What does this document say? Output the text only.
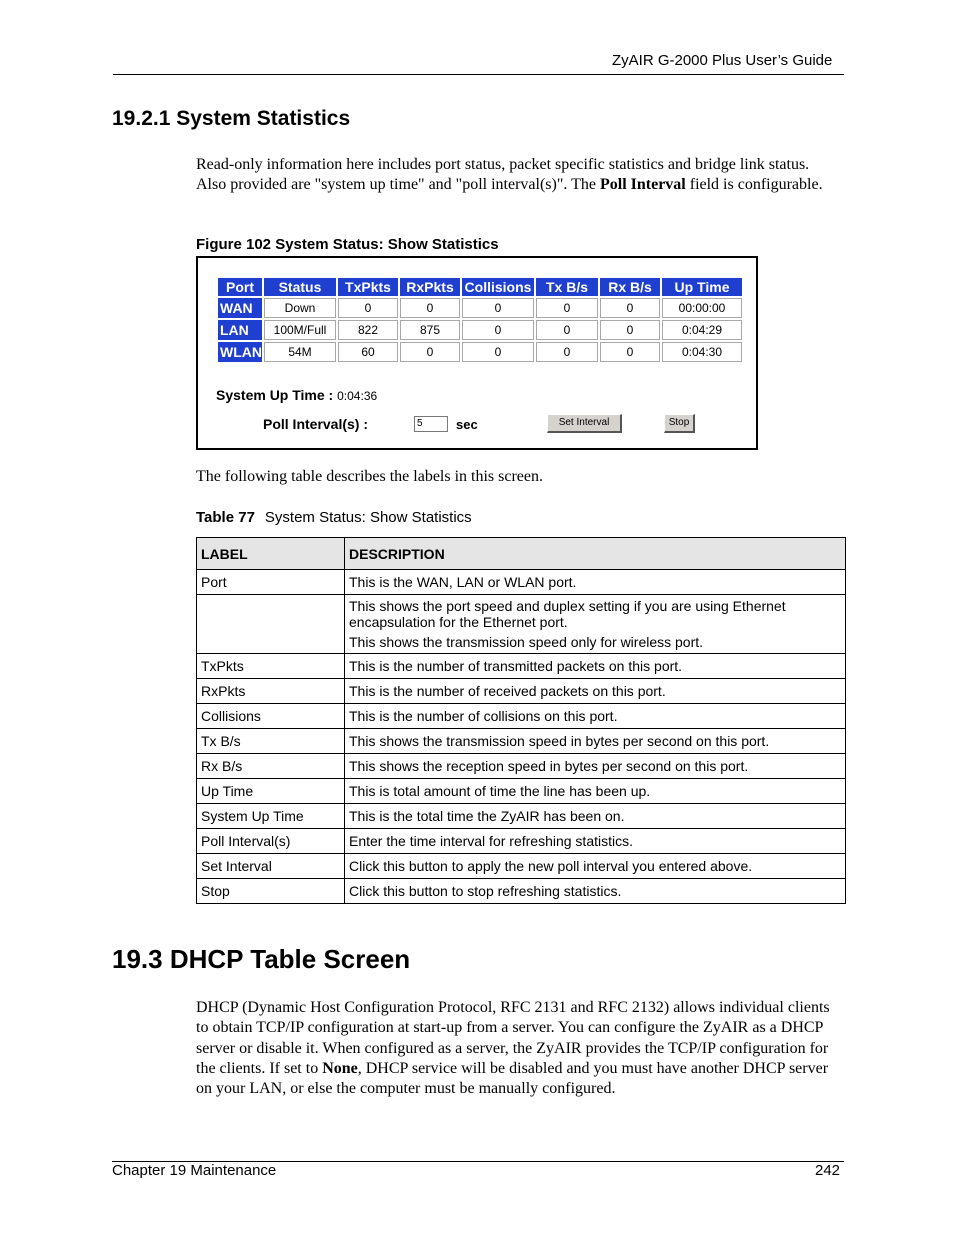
ZyAIR G-2000 Plus User’s Guide
19.2.1 System Statistics
Read-only information here includes port status, packet specific statistics and bridge link status. Also provided are "system up time" and "poll interval(s)". The Poll Interval field is configurable.
Figure 102 System Status: Show Statistics
Port	Status	TxPkts	RxPkts	Collisions	Tx B/s	Rx B/s	Up Time
WAN	Down	0	0	0	0	0	00:00:00
LAN	100M/Full	822	875	0	0	0	0:04:29
WLAN	54M	60	0	0	0	0	0:04:30
System Up Time : 0:04:36
Poll Interval(s) :	5	sec	Set Interval	Stop
The following table describes the labels in this screen.
Table 77 System Status: Show Statistics
LABEL	DESCRIPTION
Port	This is the WAN, LAN or WLAN port.

	This shows the port speed and duplex setting if you are using Ethernet encapsulation for the Ethernet port.

This shows the transmission speed only for wireless port.

TxPkts	This is the number of transmitted packets on this port.
RxPkts	This is the number of received packets on this port.
Collisions	This is the number of collisions on this port.
Tx B/s	This shows the transmission speed in bytes per second on this port.
Rx B/s	This shows the reception speed in bytes per second on this port.
Up Time	This is total amount of time the line has been up.
System Up Time	This is the total time the ZyAIR has been on.
Poll Interval(s)	Enter the time interval for refreshing statistics.
Set Interval	Click this button to apply the new poll interval you entered above.
Stop	Click this button to stop refreshing statistics.
19.3 DHCP Table Screen
DHCP (Dynamic Host Configuration Protocol, RFC 2131 and RFC 2132) allows individual clients to obtain TCP/IP configuration at start-up from a server. You can configure the ZyAIR as a DHCP server or disable it. When configured as a server, the ZyAIR provides the TCP/IP configuration for the clients. If set to None, DHCP service will be disabled and you must have another DHCP server on your LAN, or else the computer must be manually configured.
Chapter 19 Maintenance	242
